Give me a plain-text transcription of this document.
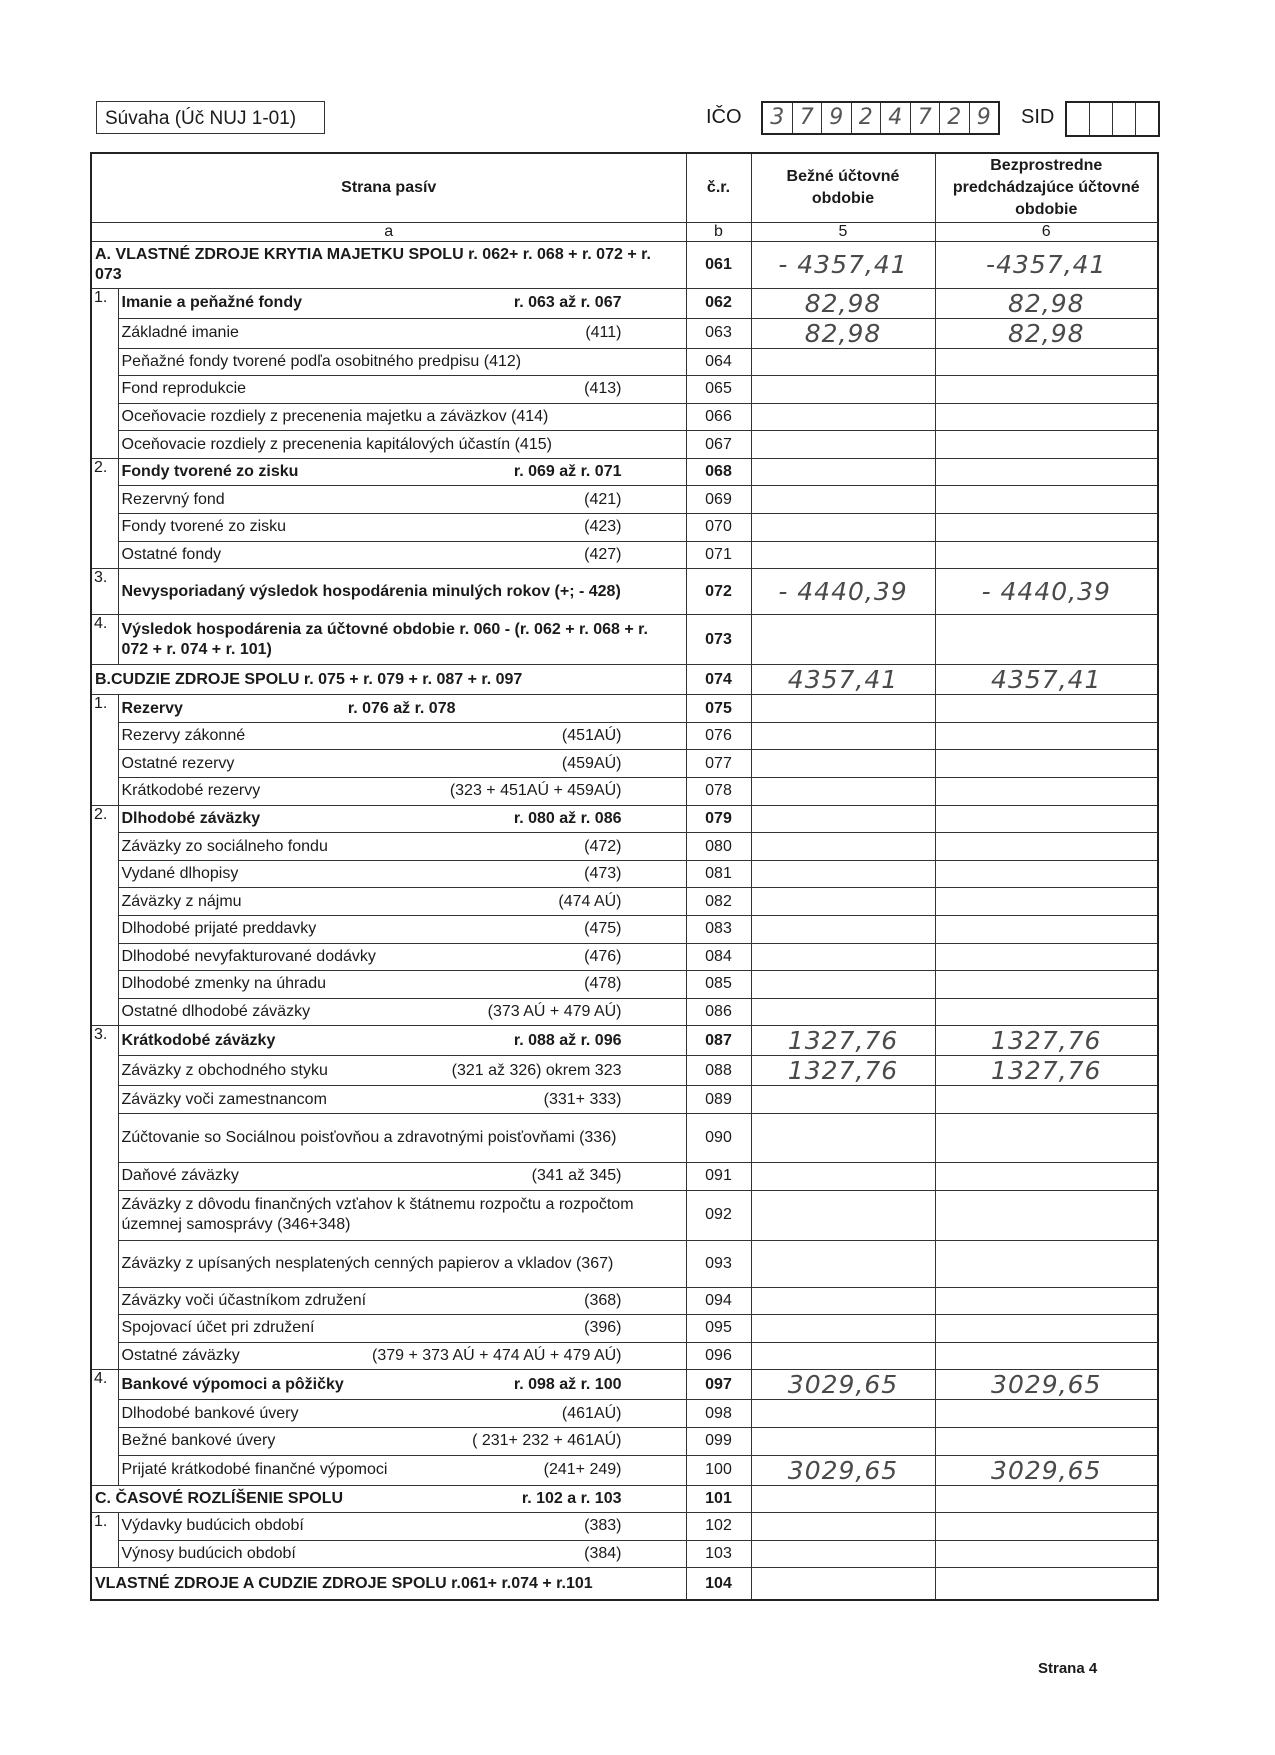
Súvaha (Úč NUJ 1-01)	IČO	3 7 9 2 4 7 2 9	SID
Strana pasív		č.r.	Bežné účtovné obdobie	Bezprostredne predchádzajúce účtovné obdobie
a		b	5	6

A. VLASTNÉ ZDROJE KRYTIA MAJETKU SPOLU r. 062+ r. 068 + r. 072 + r. 073		061	- 4357,41	-4357,41
1.	Imanie a peňažné fondy r. 063 až r. 067	062	82,98	82,98

	Základné imanie (411)	063	82,98	82,98

	Peňažné fondy tvorené podľa osobitného predpisu (412)	064		

	Fond reprodukcie (413)	065		

	Oceňovacie rozdiely z precenenia majetku a záväzkov (414)	066		

	Oceňovacie rozdiely z precenenia kapitálových účastín (415)	067		
2.	Fondy tvorené zo zisku r. 069 až r. 071	068		

	Rezervný fond (421)	069		

	Fondy tvorené zo zisku (423)	070		

	Ostatné fondy (427)	071		
3.	Nevysporiadaný výsledok hospodárenia minulých rokov (+; - 428)	072	- 4440,39	- 4440,39
4.	Výsledok hospodárenia za účtovné obdobie r. 060 - (r. 062 + r. 068 + r. 072 + r. 074 + r. 101)	073		

B.CUDZIE ZDROJE SPOLU r. 075 + r. 079 + r. 087 + r. 097		074	4357,41	4357,41
1.	Rezervy r. 076 až r. 078	075		

	Rezervy zákonné (451AÚ)	076		

	Ostatné rezervy (459AÚ)	077		

	Krátkodobé rezervy (323 + 451AÚ + 459AÚ)	078		
2.	Dlhodobé záväzky r. 080 až r. 086	079		

	Záväzky zo sociálneho fondu (472)	080		

	Vydané dlhopisy (473)	081		

	Záväzky z nájmu (474 AÚ)	082		

	Dlhodobé prijaté preddavky (475)	083		

	Dlhodobé nevyfakturované dodávky (476)	084		

	Dlhodobé zmenky na úhradu (478)	085		

	Ostatné dlhodobé záväzky (373 AÚ + 479 AÚ)	086		
3.	Krátkodobé záväzky r. 088 až r. 096	087	1327,76	1327,76

	Záväzky z obchodného styku (321 až 326) okrem 323	088	1327,76	1327,76

	Záväzky voči zamestnancom (331+ 333)	089		

	Zúčtovanie so Sociálnou poisťovňou a zdravotnými poisťovňami (336)	090		

	Daňové záväzky (341 až 345)	091		

	Záväzky z dôvodu finančných vzťahov k štátnemu rozpočtu a rozpočtom územnej samosprávy (346+348)	092		

	Záväzky z upísaných nesplatených cenných papierov a vkladov (367)	093		

	Záväzky voči účastníkom združení (368)	094		

	Spojovací účet pri združení (396)	095		

	Ostatné záväzky (379 + 373 AÚ + 474 AÚ + 479 AÚ)	096		
4.	Bankové výpomoci a pôžičky r. 098 až r. 100	097	3029,65	3029,65

	Dlhodobé bankové úvery (461AÚ)	098		

	Bežné bankové úvery ( 231+ 232 + 461AÚ)	099		

	Prijaté krátkodobé finančné výpomoci (241+ 249)	100	3029,65	3029,65

C. ČASOVÉ ROZLÍŠENIE SPOLU r. 102 a r. 103		101		
1.	Výdavky budúcich období (383)	102		

	Výnosy budúcich období (384)	103		

VLASTNÉ ZDROJE A CUDZIE ZDROJE SPOLU r.061+ r.074 + r.101		104		
Strana 4
